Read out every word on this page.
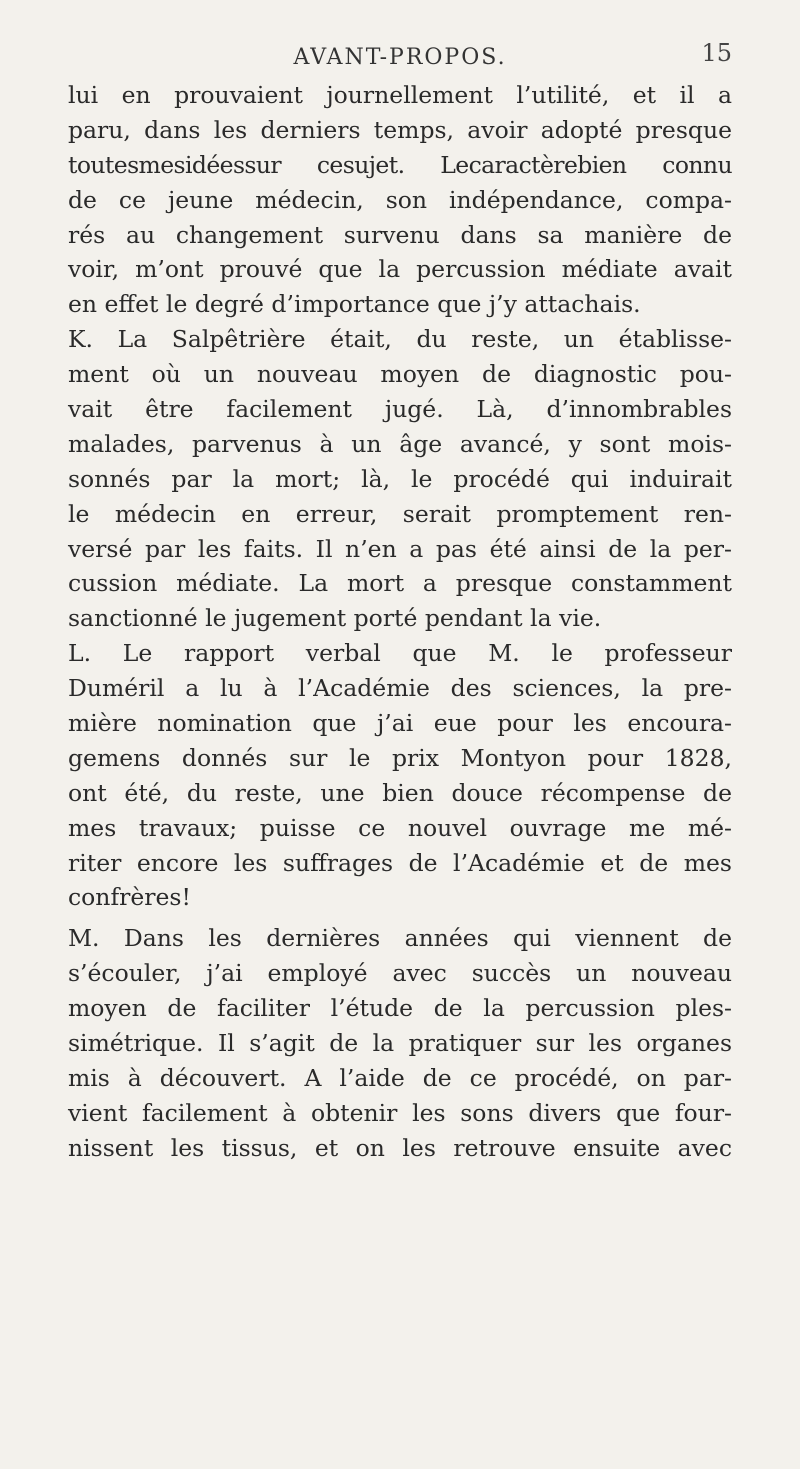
AVANT-PROPOS.	15
lui en prouvaient journellement l’utilité, et il a
paru, dans les derniers temps, avoir adopté presque
toutesmesidéessur cesujet. Lecaractèrebien connu
de ce jeune médecin, son indépendance, compa-
rés au changement survenu dans sa manière de
voir, m’ont prouvé que la percussion médiate avait
en effet le degré d’importance que j’y attachais.
K. La Salpêtrière était, du reste, un établisse-
ment où un nouveau moyen de diagnostic pou-
vait être facilement jugé. Là, d’innombrables
malades, parvenus à un âge avancé, y sont mois-
sonnés par la mort; là, le procédé qui induirait
le médecin en erreur, serait promptement ren-
versé par les faits. Il n’en a pas été ainsi de la per-
cussion médiate. La mort a presque constamment
sanctionné le jugement porté pendant la vie.
L. Le rapport verbal que M. le professeur
Duméril a lu à l’Académie des sciences, la pre-
mière nomination que j’ai eue pour les encoura-
gemens donnés sur le prix Montyon pour 1828,
ont été, du reste, une bien douce récompense de
mes travaux; puisse ce nouvel ouvrage me mé-
riter encore les suffrages de l’Académie et de mes
confrères!
M. Dans les dernières années qui viennent de
s’écouler, j’ai employé avec succès un nouveau
moyen de faciliter l’étude de la percussion ples-
simétrique. Il s’agit de la pratiquer sur les organes
mis à découvert. A l’aide de ce procédé, on par-
vient facilement à obtenir les sons divers que four-
nissent les tissus, et on les retrouve ensuite avec
